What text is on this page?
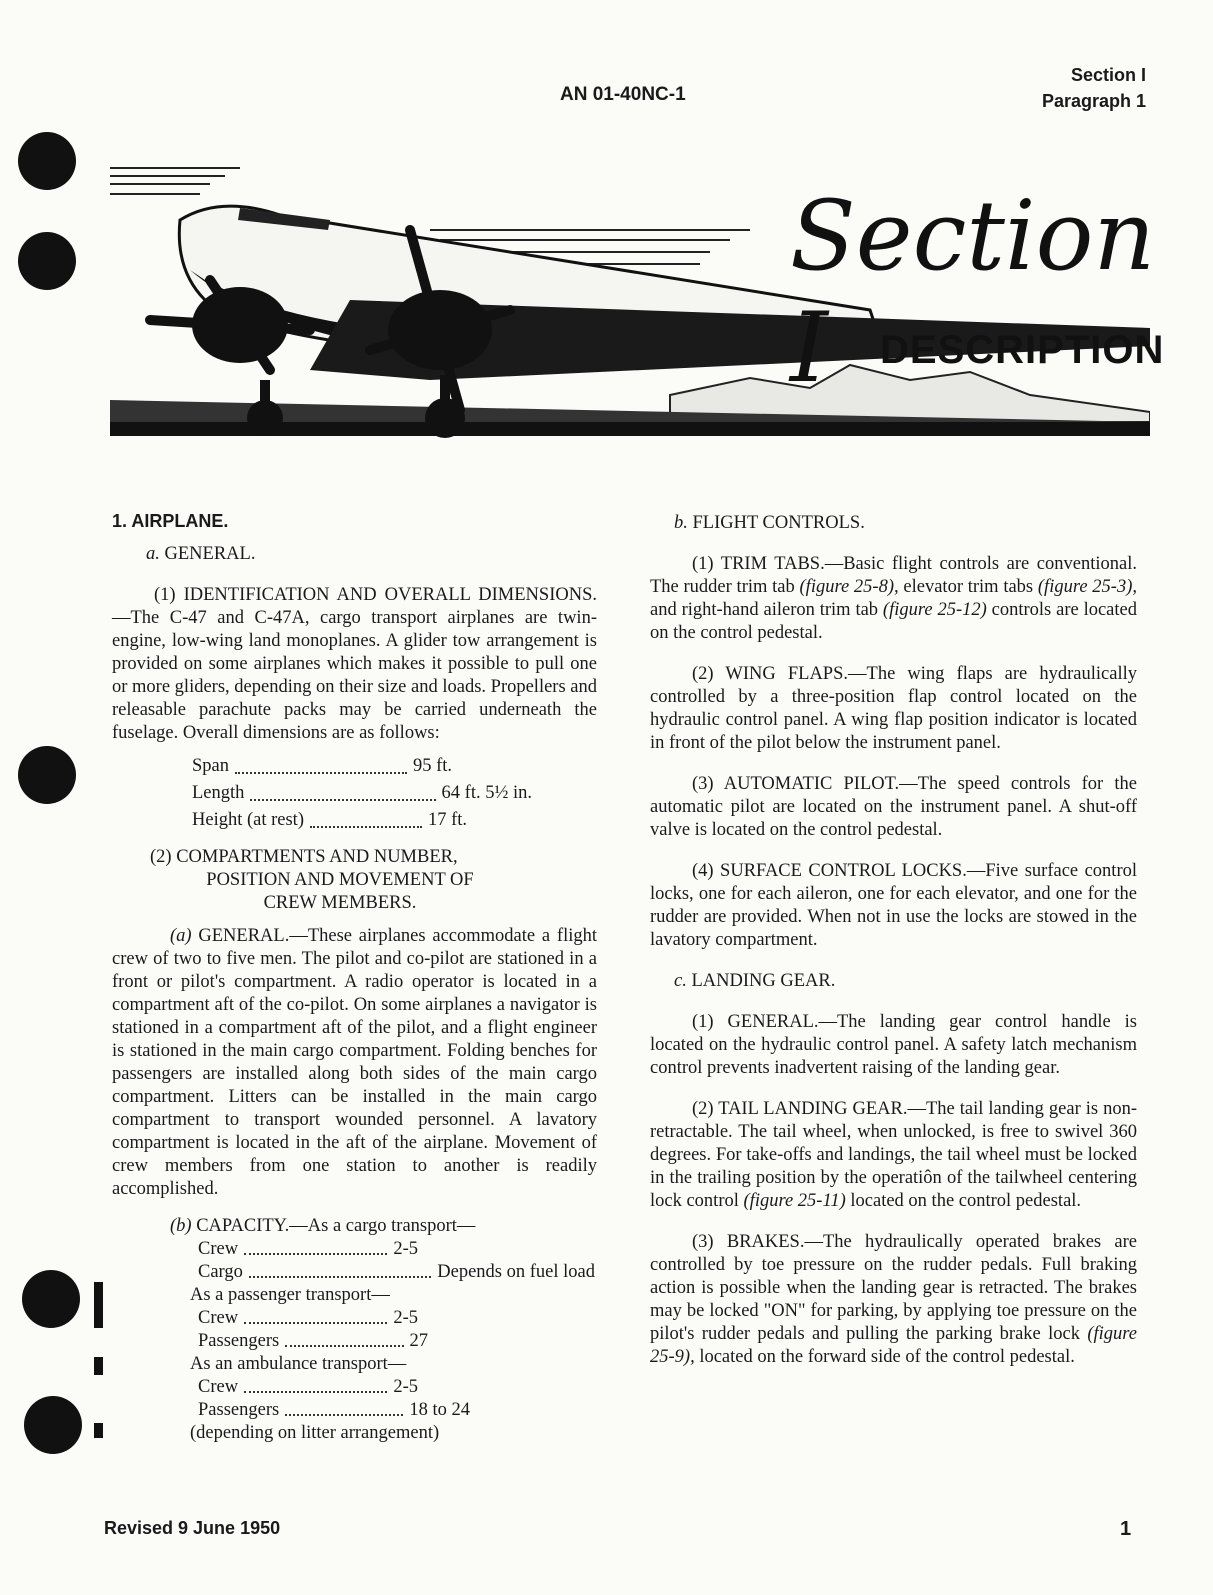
AN 01-40NC-1
Section I
Paragraph 1
Section I	DESCRIPTION

1. AIRPLANE.

a. GENERAL.

(1) IDENTIFICATION AND OVERALL DIMENSIONS.—The C-47 and C-47A, cargo transport airplanes are twin-engine, low-wing land monoplanes. A glider tow arrangement is provided on some airplanes which makes it possible to pull one or more gliders, depending on their size and loads. Propellers and releasable parachute packs may be carried underneath the fuselage. Overall dimensions are as follows:

Span	95 ft.
Length	64 ft. 5½ in.
Height (at rest)	17 ft.

(2) COMPARTMENTS AND NUMBER,

POSITION AND MOVEMENT OF

CREW MEMBERS.

(a) GENERAL.—These airplanes accommodate a flight crew of two to five men. The pilot and co-pilot are stationed in a front or pilot's compartment. A radio operator is located in a compartment aft of the co-pilot. On some airplanes a navigator is stationed in a compartment aft of the pilot, and a flight engineer is stationed in the main cargo compartment. Folding benches for passengers are installed along both sides of the main cargo compartment. Litters can be installed in the main cargo compartment to transport wounded personnel. A lavatory compartment is located in the aft of the airplane. Movement of crew members from one station to another is readily accomplished.

(b) CAPACITY.—As a cargo transport—

Crew	2-5
Cargo	Depends on fuel load

As a passenger transport—

Crew	2-5
Passengers	27

As an ambulance transport—

Crew	2-5
Passengers	18 to 24

(depending on litter arrangement)

b. FLIGHT CONTROLS.

(1) TRIM TABS.—Basic flight controls are conventional. The rudder trim tab (figure 25-8), elevator trim tabs (figure 25-3), and right-hand aileron trim tab (figure 25-12) controls are located on the control pedestal.

(2) WING FLAPS.—The wing flaps are hydraulically controlled by a three-position flap control located on the hydraulic control panel. A wing flap position indicator is located in front of the pilot below the instrument panel.

(3) AUTOMATIC PILOT.—The speed controls for the automatic pilot are located on the instrument panel. A shut-off valve is located on the control pedestal.

(4) SURFACE CONTROL LOCKS.—Five surface control locks, one for each aileron, one for each elevator, and one for the rudder are provided. When not in use the locks are stowed in the lavatory compartment.

c. LANDING GEAR.

(1) GENERAL.—The landing gear control handle is located on the hydraulic control panel. A safety latch mechanism control prevents inadvertent raising of the landing gear.

(2) TAIL LANDING GEAR.—The tail landing gear is non-retractable. The tail wheel, when unlocked, is free to swivel 360 degrees. For take-offs and landings, the tail wheel must be locked in the trailing position by the operatiôn of the tailwheel centering lock control (figure 25-11) located on the control pedestal.

(3) BRAKES.—The hydraulically operated brakes are controlled by toe pressure on the rudder pedals. Full braking action is possible when the landing gear is retracted. The brakes may be locked "ON" for parking, by applying toe pressure on the pilot's rudder pedals and pulling the parking brake lock (figure 25-9), located on the forward side of the control pedestal.

Revised 9 June 1950	1
